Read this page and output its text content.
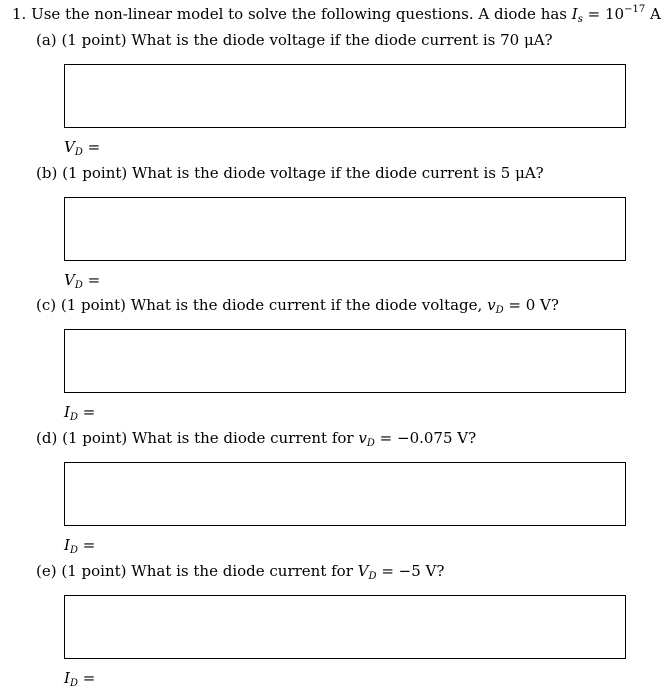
1. Use the non-linear model to solve the following questions. A diode has $I_s = 10^{-17}$ A
(a) (1 point) What is the diode voltage if the diode current is 70 μA?
$V_D$ =
(b) (1 point) What is the diode voltage if the diode current is 5 μA?
$V_D$ =
(c) (1 point) What is the diode current if the diode voltage, $v_D = 0$ V?
$I_D$ =
(d) (1 point) What is the diode current for $v_D = -0.075$ V?
$I_D$ =
(e) (1 point) What is the diode current for $V_D = -5$ V?
$I_D$ =
